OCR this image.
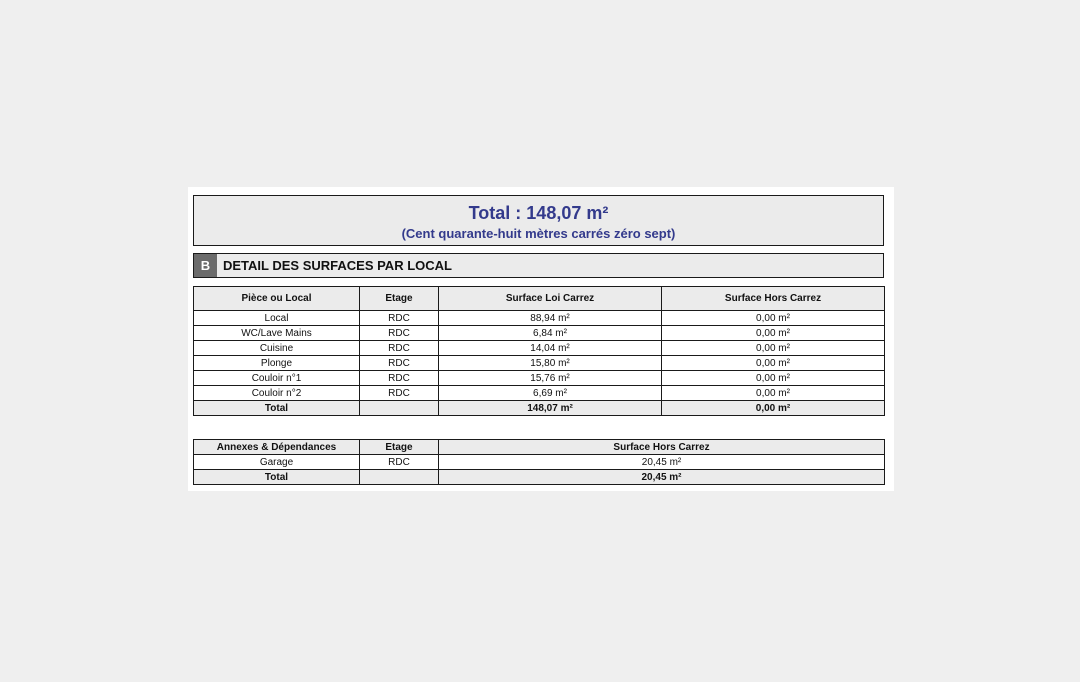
Total : 148,07 m²
(Cent quarante-huit mètres carrés zéro sept)
B DETAIL DES SURFACES PAR LOCAL
Pièce ou Local	Etage	Surface Loi Carrez	Surface Hors Carrez
Local	RDC	88,94 m²	0,00 m²
WC/Lave Mains	RDC	6,84 m²	0,00 m²
Cuisine	RDC	14,04 m²	0,00 m²
Plonge	RDC	15,80 m²	0,00 m²
Couloir n°1	RDC	15,76 m²	0,00 m²
Couloir n°2	RDC	6,69 m²	0,00 m²
Total		148,07 m²	0,00 m²
Annexes & Dépendances	Etage	Surface Hors Carrez
Garage	RDC	20,45 m²
Total		20,45 m²
